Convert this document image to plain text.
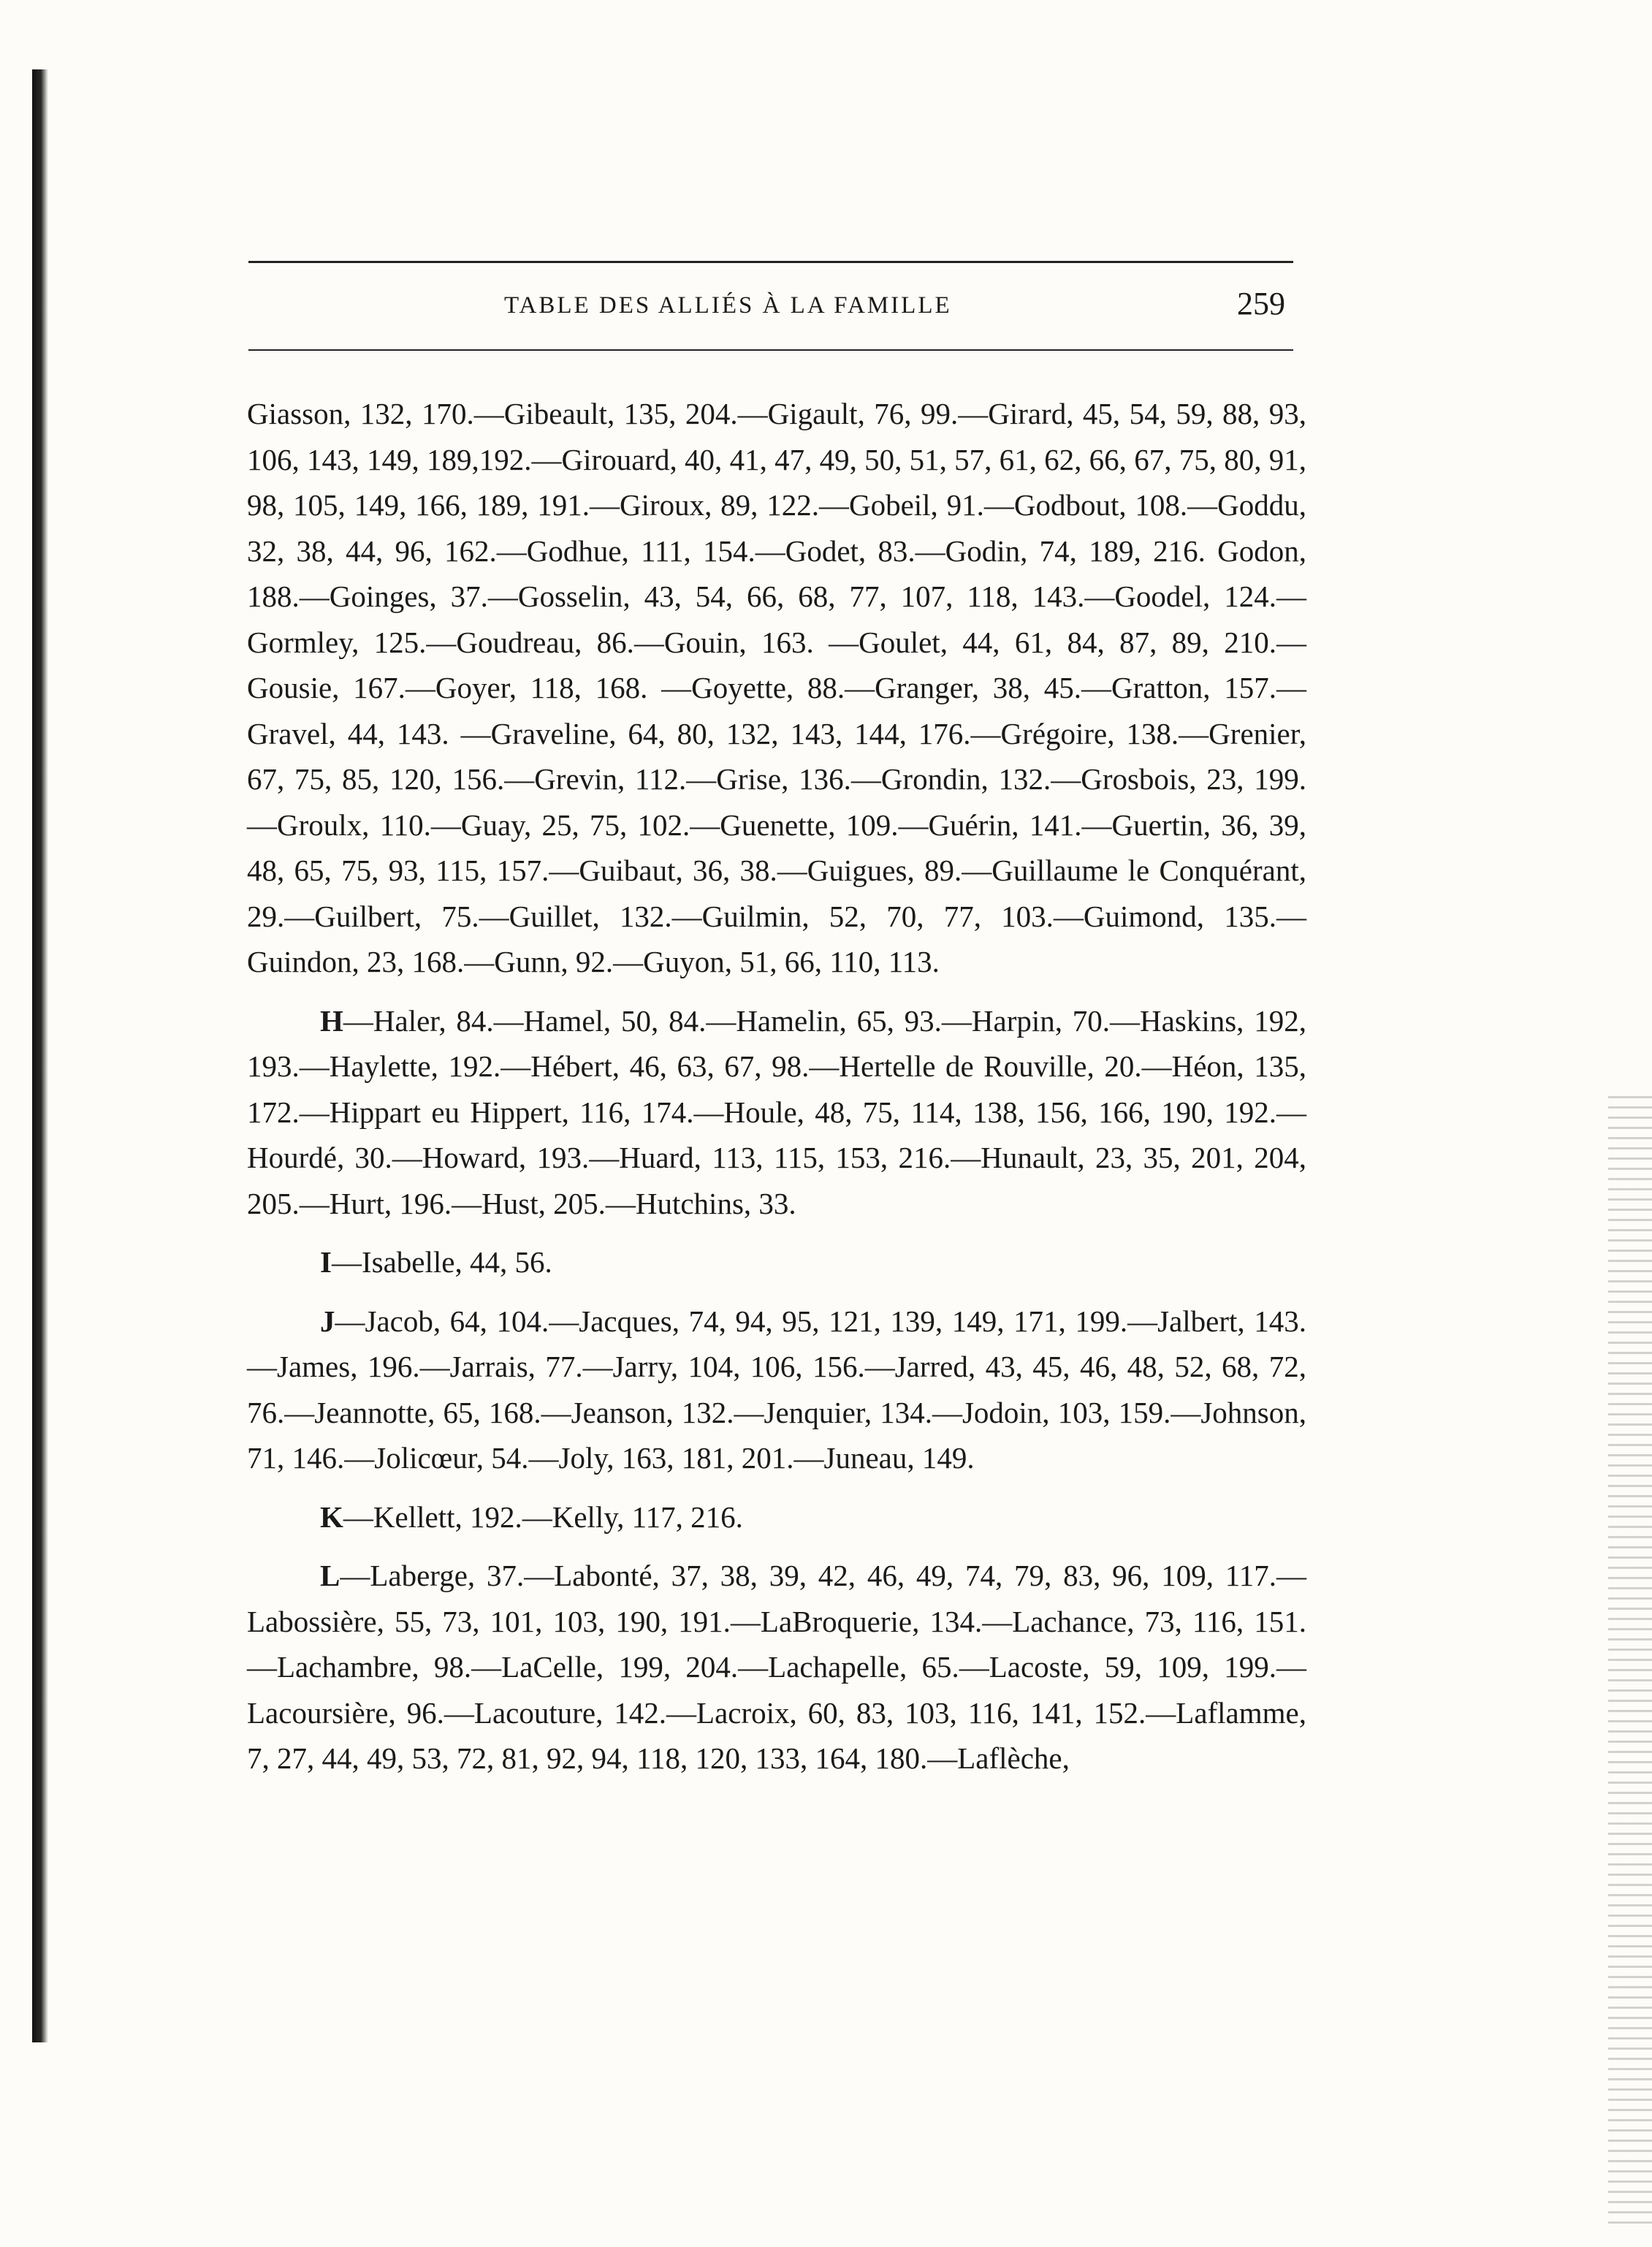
TABLE DES ALLIÉS À LA FAMILLE	259

Giasson, 132, 170.—Gibeault, 135, 204.—Gigault, 76, 99.—Girard, 45, 54, 59, 88, 93, 106, 143, 149, 189,192.—Girouard, 40, 41, 47, 49, 50, 51, 57, 61, 62, 66, 67, 75, 80, 91, 98, 105, 149, 166, 189, 191.—Giroux, 89, 122.—Gobeil, 91.—Godbout, 108.—Goddu, 32, 38, 44, 96, 162.—Godhue, 111, 154.—Godet, 83.—Godin, 74, 189, 216. Godon, 188.—Goinges, 37.—Gosselin, 43, 54, 66, 68, 77, 107, 118, 143.—Goodel, 124.—Gormley, 125.—Goudreau, 86.—Gouin, 163. —Goulet, 44, 61, 84, 87, 89, 210.—Gousie, 167.—Goyer, 118, 168. —Goyette, 88.—Granger, 38, 45.—Gratton, 157.—Gravel, 44, 143. —Graveline, 64, 80, 132, 143, 144, 176.—Grégoire, 138.—Grenier, 67, 75, 85, 120, 156.—Grevin, 112.—Grise, 136.—Grondin, 132.—Grosbois, 23, 199.—Groulx, 110.—Guay, 25, 75, 102.—Guenette, 109.—Guérin, 141.—Guertin, 36, 39, 48, 65, 75, 93, 115, 157.—Guibaut, 36, 38.—Guigues, 89.—Guillaume le Conquérant, 29.—Guilbert, 75.—Guillet, 132.—Guilmin, 52, 70, 77, 103.—Guimond, 135.—Guindon, 23, 168.—Gunn, 92.—Guyon, 51, 66, 110, 113.

H—Haler, 84.—Hamel, 50, 84.—Hamelin, 65, 93.—Harpin, 70.—Haskins, 192, 193.—Haylette, 192.—Hébert, 46, 63, 67, 98.—Hertelle de Rouville, 20.—Héon, 135, 172.—Hippart eu Hippert, 116, 174.—Houle, 48, 75, 114, 138, 156, 166, 190, 192.—Hourdé, 30.—Howard, 193.—Huard, 113, 115, 153, 216.—Hunault, 23, 35, 201, 204, 205.—Hurt, 196.—Hust, 205.—Hutchins, 33.

I—Isabelle, 44, 56.

J—Jacob, 64, 104.—Jacques, 74, 94, 95, 121, 139, 149, 171, 199.—Jalbert, 143.—James, 196.—Jarrais, 77.—Jarry, 104, 106, 156.—Jarred, 43, 45, 46, 48, 52, 68, 72, 76.—Jeannotte, 65, 168.—Jeanson, 132.—Jenquier, 134.—Jodoin, 103, 159.—Johnson, 71, 146.—Jolicœur, 54.—Joly, 163, 181, 201.—Juneau, 149.

K—Kellett, 192.—Kelly, 117, 216.

L—Laberge, 37.—Labonté, 37, 38, 39, 42, 46, 49, 74, 79, 83, 96, 109, 117.—Labossière, 55, 73, 101, 103, 190, 191.—LaBroquerie, 134.—Lachance, 73, 116, 151.—Lachambre, 98.—LaCelle, 199, 204.—Lachapelle, 65.—Lacoste, 59, 109, 199.—Lacoursière, 96.—Lacouture, 142.—Lacroix, 60, 83, 103, 116, 141, 152.—Laflamme, 7, 27, 44, 49, 53, 72, 81, 92, 94, 118, 120, 133, 164, 180.—Laflèche,
